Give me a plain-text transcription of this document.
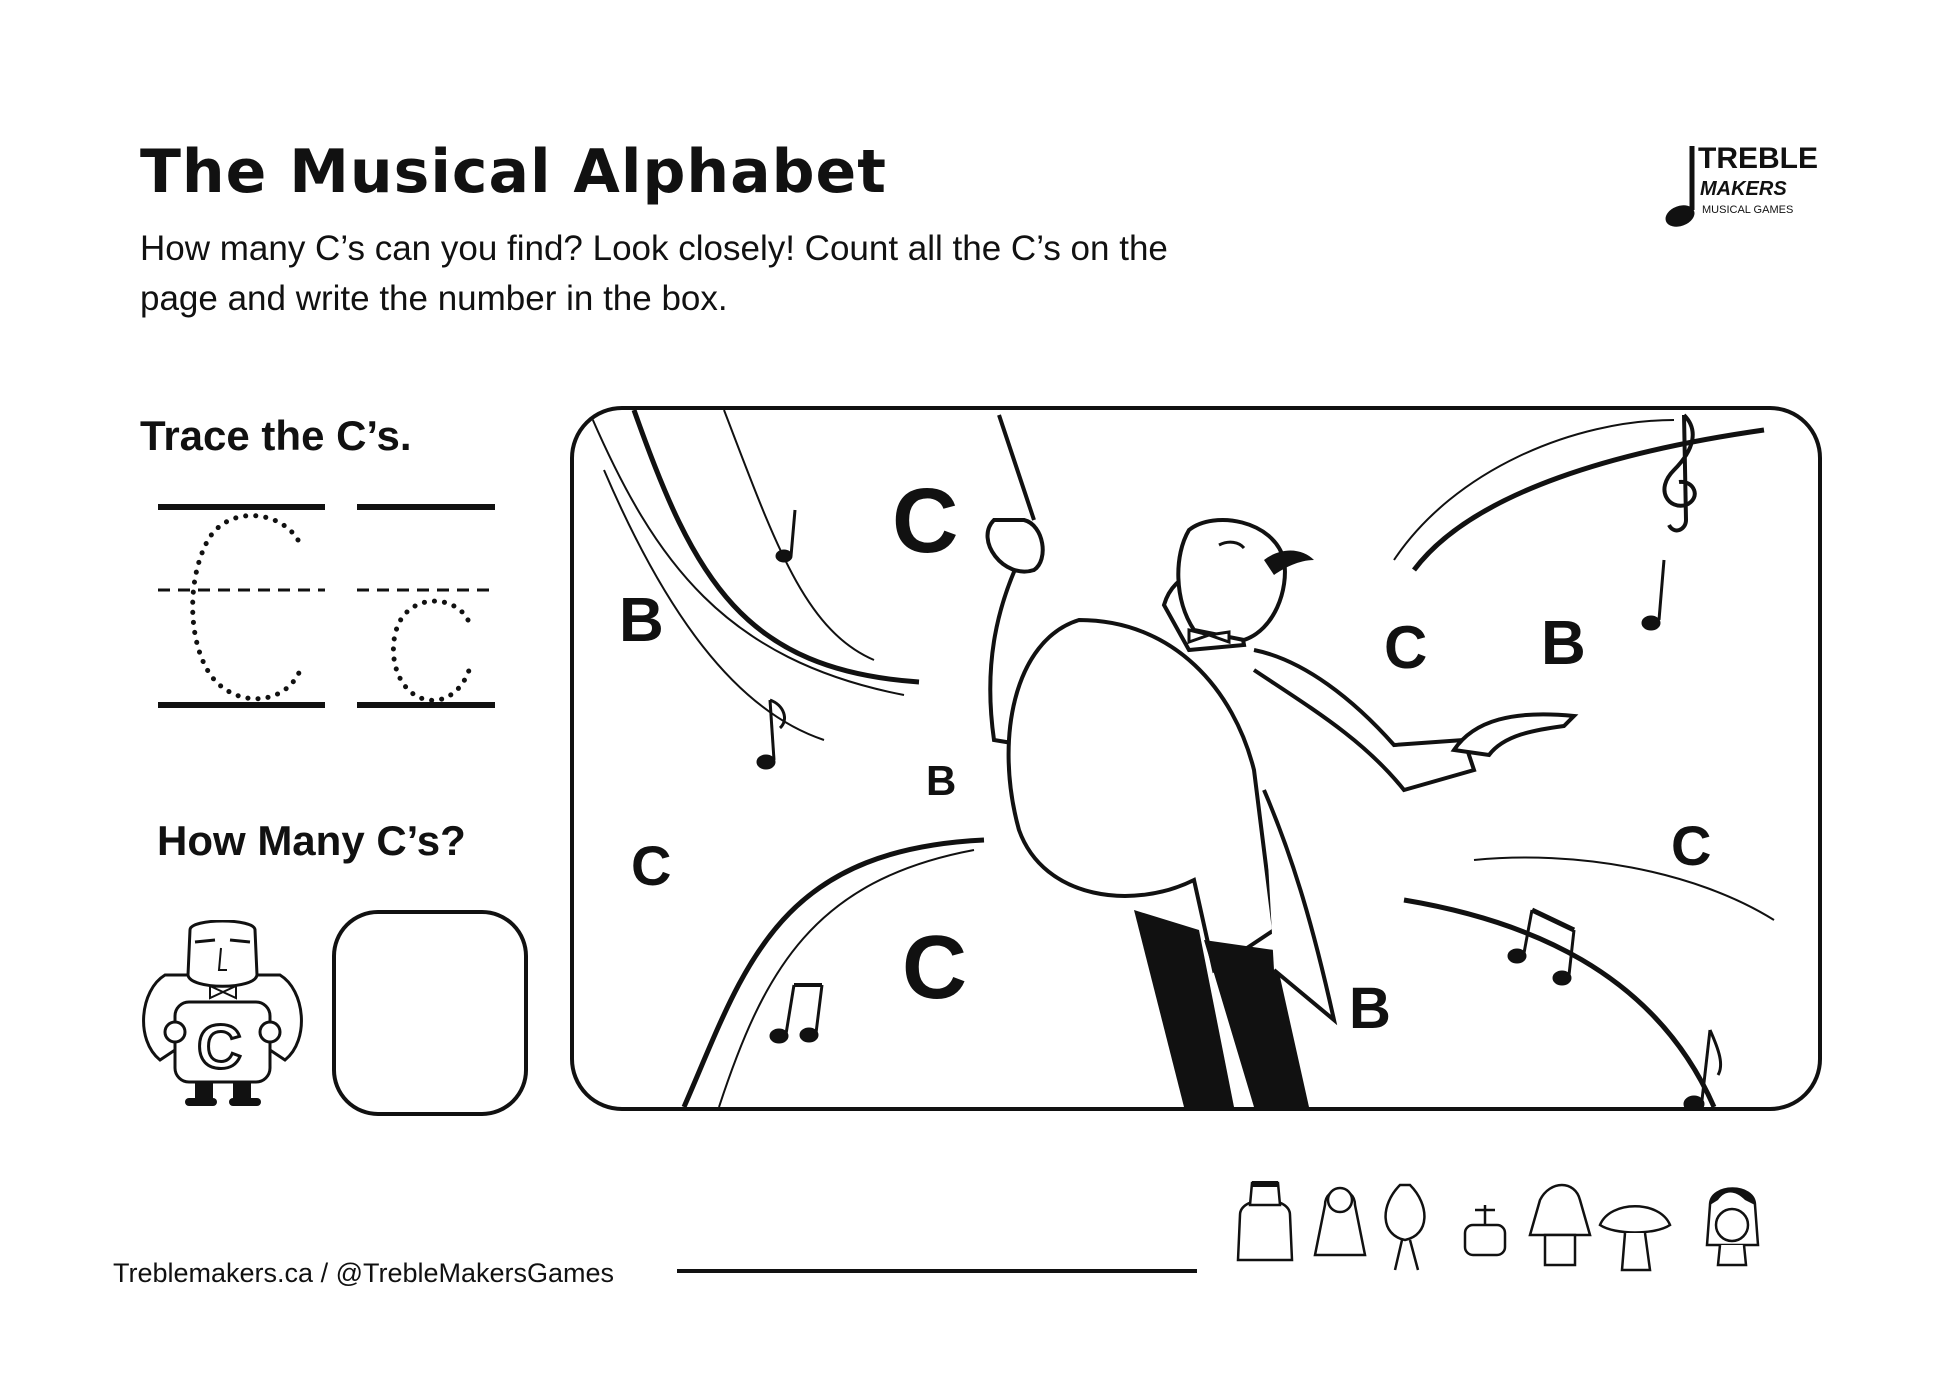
The Musical Alphabet

How many C’s can you find? Look closely! Count all the C’s on the page and write the number in the box.

TREBLE
MAKERS
MUSICAL GAMES
Trace the C’s.
How Many C’s?
C
C
B	C B
B
C	C
C	B
Treblemakers.ca / @TrebleMakersGames
